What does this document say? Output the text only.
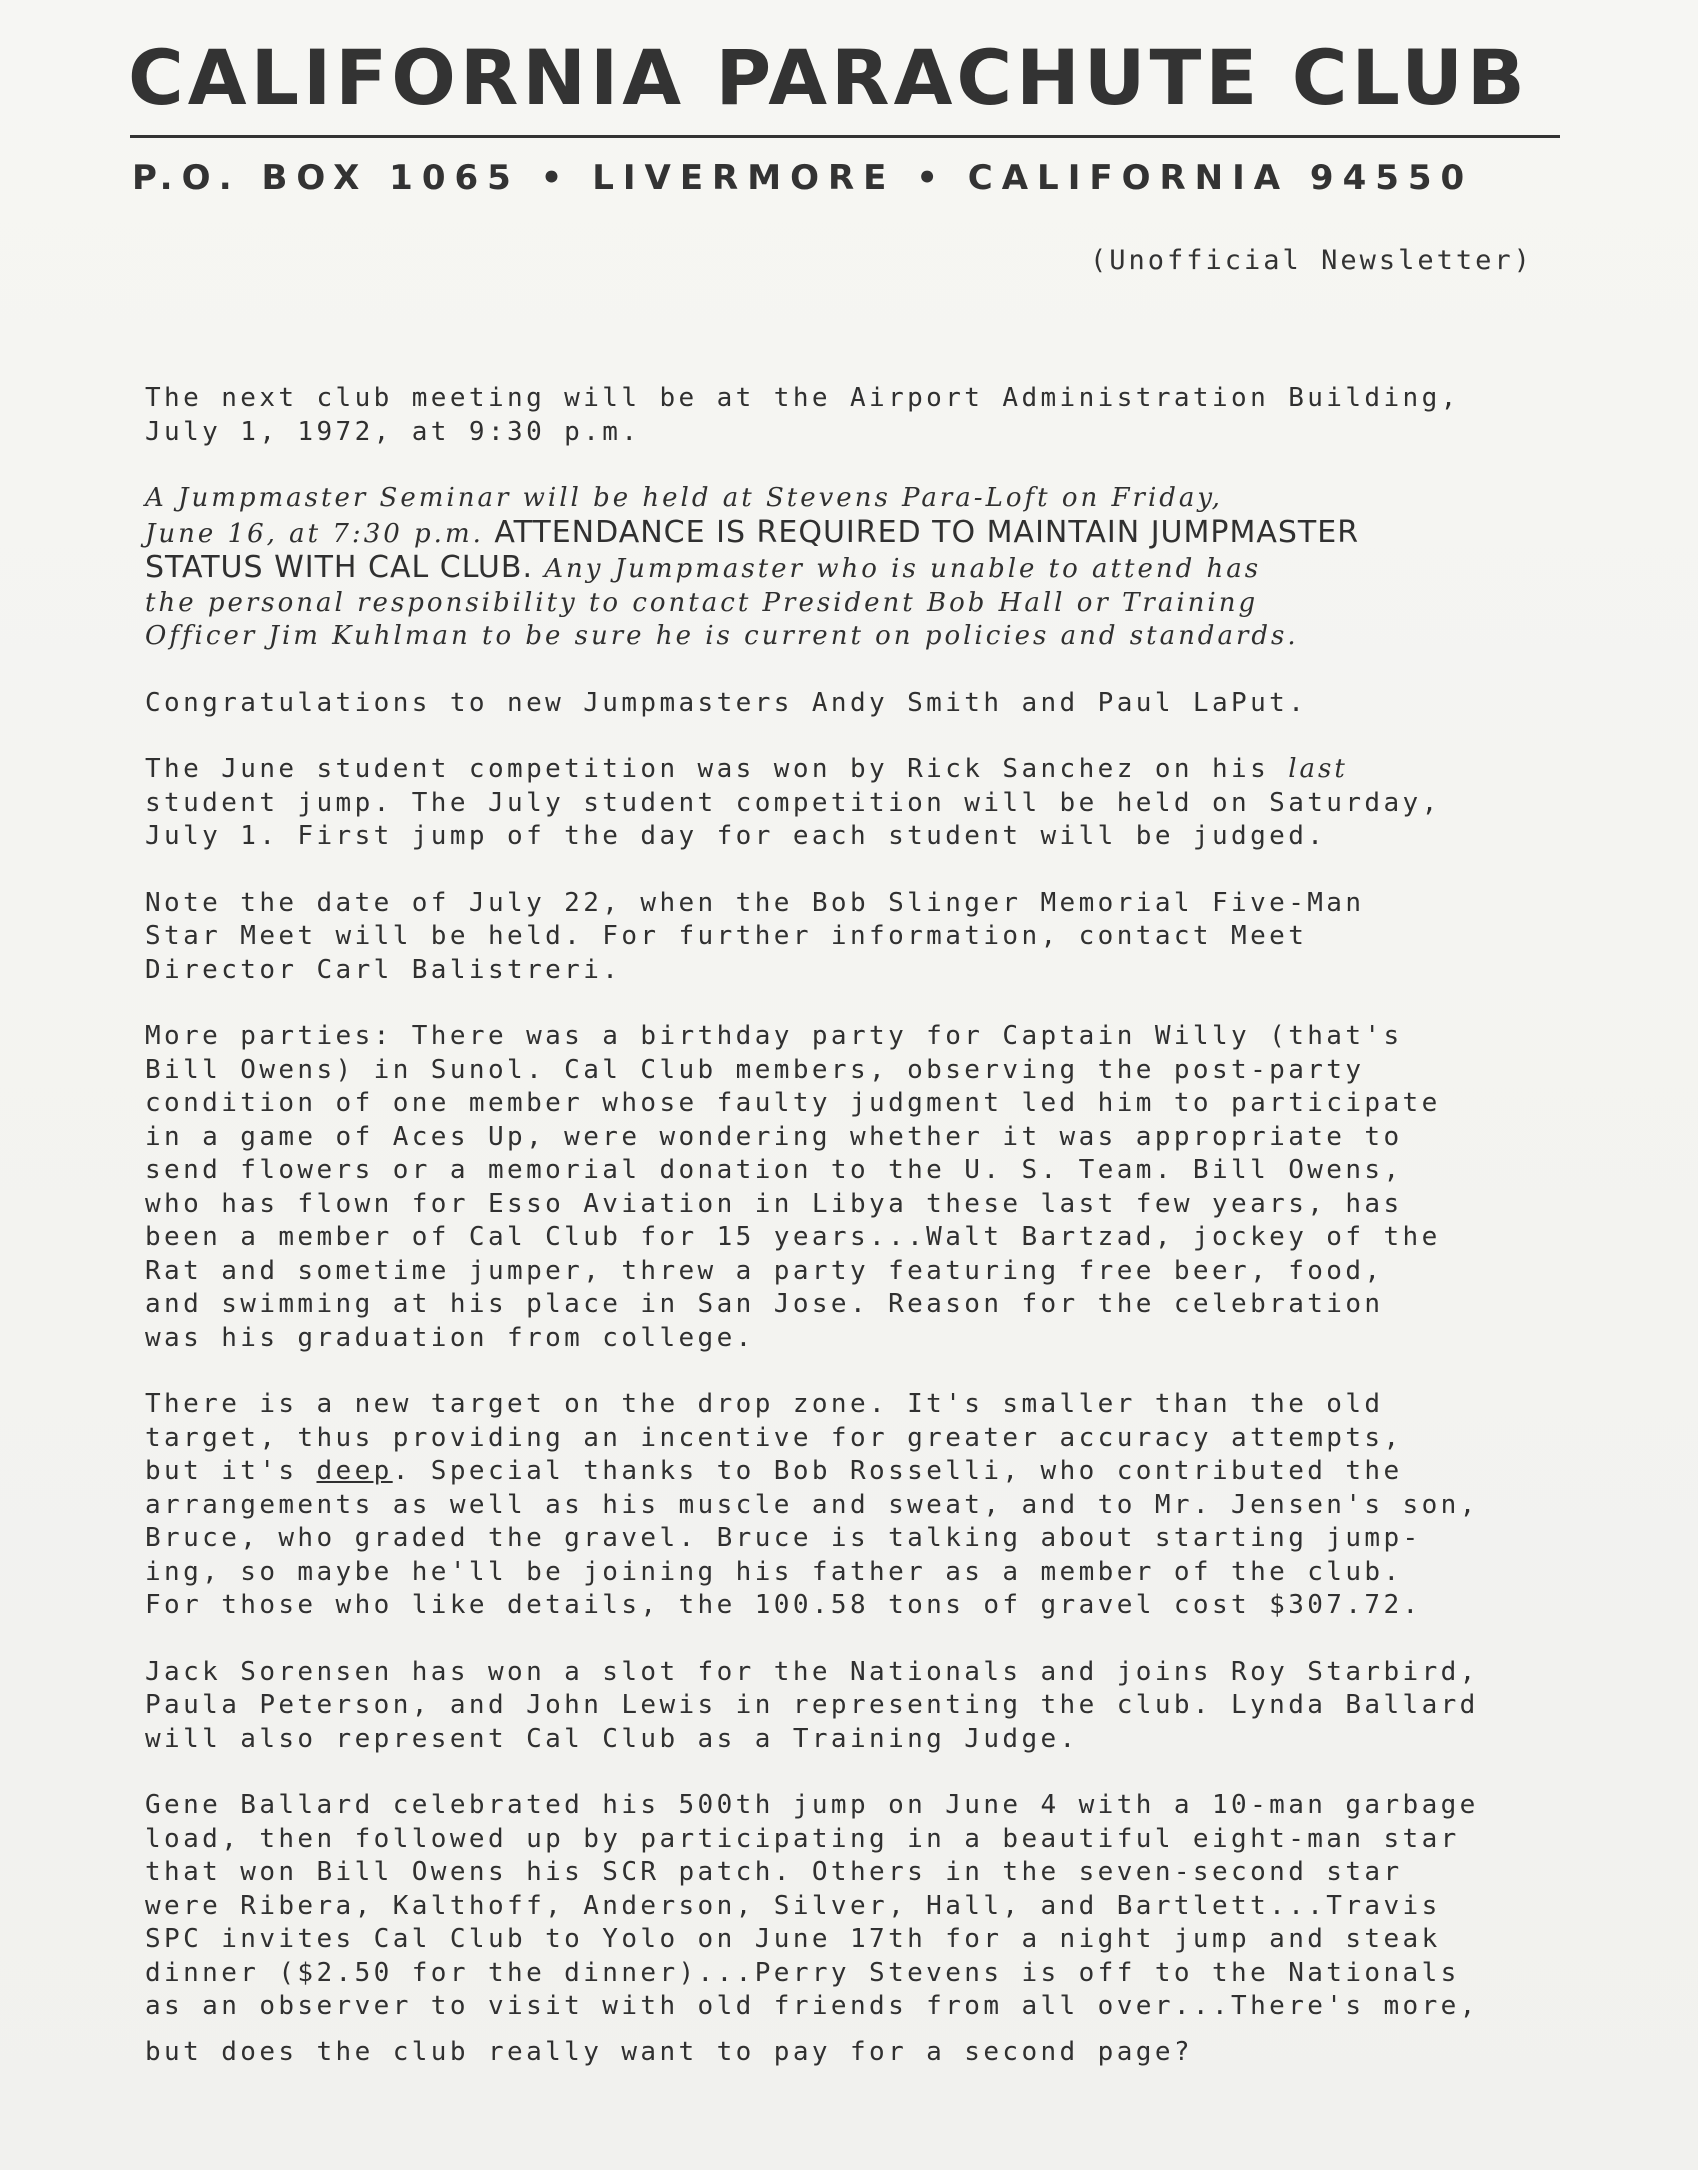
CALIFORNIA PARACHUTE CLUB
P.O. BOX 1065 • LIVERMORE • CALIFORNIA 94550
(Unofficial Newsletter)

The next club meeting will be at the Airport Administration Building,
July 1, 1972, at 9:30 p.m.

A Jumpmaster Seminar will be held at Stevens Para-Loft on Friday,
June 16, at 7:30 p.m. ATTENDANCE IS REQUIRED TO MAINTAIN JUMPMASTER
STATUS WITH CAL CLUB. Any Jumpmaster who is unable to attend has
the personal responsibility to contact President Bob Hall or Training
Officer Jim Kuhlman to be sure he is current on policies and standards.

Congratulations to new Jumpmasters Andy Smith and Paul LaPut.

The June student competition was won by Rick Sanchez on his last
student jump. The July student competition will be held on Saturday,
July 1. First jump of the day for each student will be judged.

Note the date of July 22, when the Bob Slinger Memorial Five-Man
Star Meet will be held. For further information, contact Meet
Director Carl Balistreri.

More parties: There was a birthday party for Captain Willy (that's
Bill Owens) in Sunol. Cal Club members, observing the post-party
condition of one member whose faulty judgment led him to participate
in a game of Aces Up, were wondering whether it was appropriate to
send flowers or a memorial donation to the U. S. Team. Bill Owens,
who has flown for Esso Aviation in Libya these last few years, has
been a member of Cal Club for 15 years...Walt Bartzad, jockey of the
Rat and sometime jumper, threw a party featuring free beer, food,
and swimming at his place in San Jose. Reason for the celebration
was his graduation from college.

There is a new target on the drop zone. It's smaller than the old
target, thus providing an incentive for greater accuracy attempts,
but it's deep. Special thanks to Bob Rosselli, who contributed the
arrangements as well as his muscle and sweat, and to Mr. Jensen's son,
Bruce, who graded the gravel. Bruce is talking about starting jump-
ing, so maybe he'll be joining his father as a member of the club.
For those who like details, the 100.58 tons of gravel cost $307.72.

Jack Sorensen has won a slot for the Nationals and joins Roy Starbird,
Paula Peterson, and John Lewis in representing the club. Lynda Ballard
will also represent Cal Club as a Training Judge.

Gene Ballard celebrated his 500th jump on June 4 with a 10-man garbage
load, then followed up by participating in a beautiful eight-man star
that won Bill Owens his SCR patch. Others in the seven-second star
were Ribera, Kalthoff, Anderson, Silver, Hall, and Bartlett...Travis
SPC invites Cal Club to Yolo on June 17th for a night jump and steak
dinner ($2.50 for the dinner)...Perry Stevens is off to the Nationals
as an observer to visit with old friends from all over...There's more,

but does the club really want to pay for a second page?
